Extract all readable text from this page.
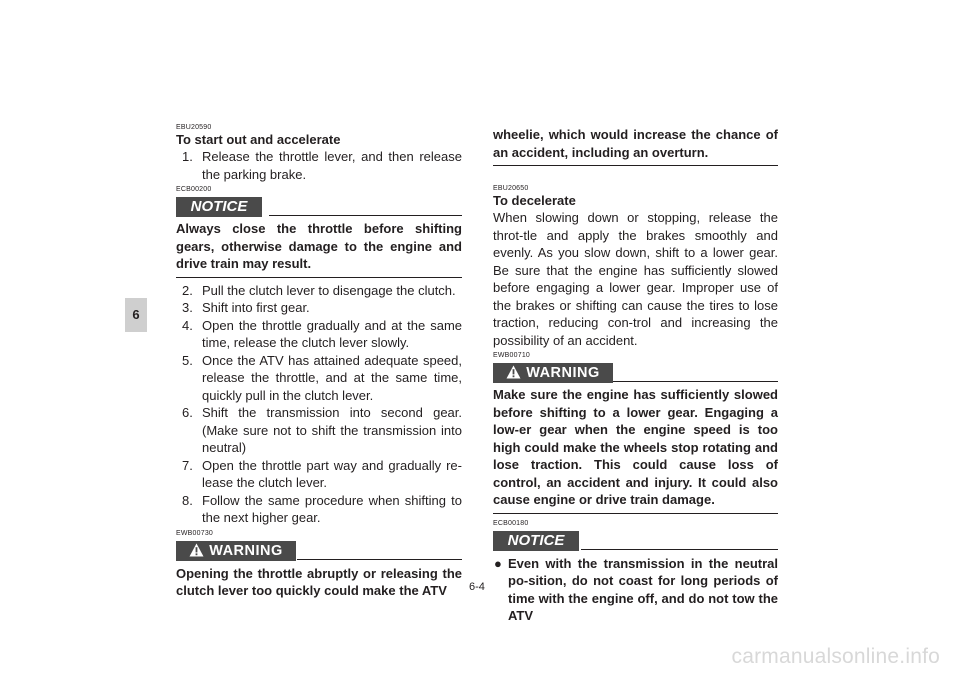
6

EBU20590

To start out and accelerate

1. Release the throttle lever, and then release the parking brake.

ECB00200

NOTICE

Always close the throttle before shifting gears, otherwise damage to the engine and drive train may result.

2. Pull the clutch lever to disengage the clutch.
3. Shift into first gear.
4. Open the throttle gradually and at the same time, release the clutch lever slowly.
5. Once the ATV has attained adequate speed, release the throttle, and at the same time, quickly pull in the clutch lever.
6. Shift the transmission into second gear. (Make sure not to shift the transmission into neutral)
7. Open the throttle part way and gradually re-lease the clutch lever.
8. Follow the same procedure when shifting to the next higher gear.

EWB00730

WARNING

Opening the throttle abruptly or releasing the clutch lever too quickly could make the ATV

wheelie, which would increase the chance of an accident, including an overturn.

EBU20650

To decelerate

When slowing down or stopping, release the throt-tle and apply the brakes smoothly and evenly. As you slow down, shift to a lower gear. Be sure that the engine has sufficiently slowed before engaging a lower gear. Improper use of the brakes or shifting can cause the tires to lose traction, reducing con-trol and increasing the possibility of an accident.

EWB00710

WARNING

Make sure the engine has sufficiently slowed before shifting to a lower gear. Engaging a low-er gear when the engine speed is too high could make the wheels stop rotating and lose traction. This could cause loss of control, an accident and injury. It could also cause engine or drive train damage.

ECB00180

NOTICE
● Even with the transmission in the neutral po-sition, do not coast for long periods of time with the engine off, and do not tow the ATV
6-4
carmanualsonline.info
